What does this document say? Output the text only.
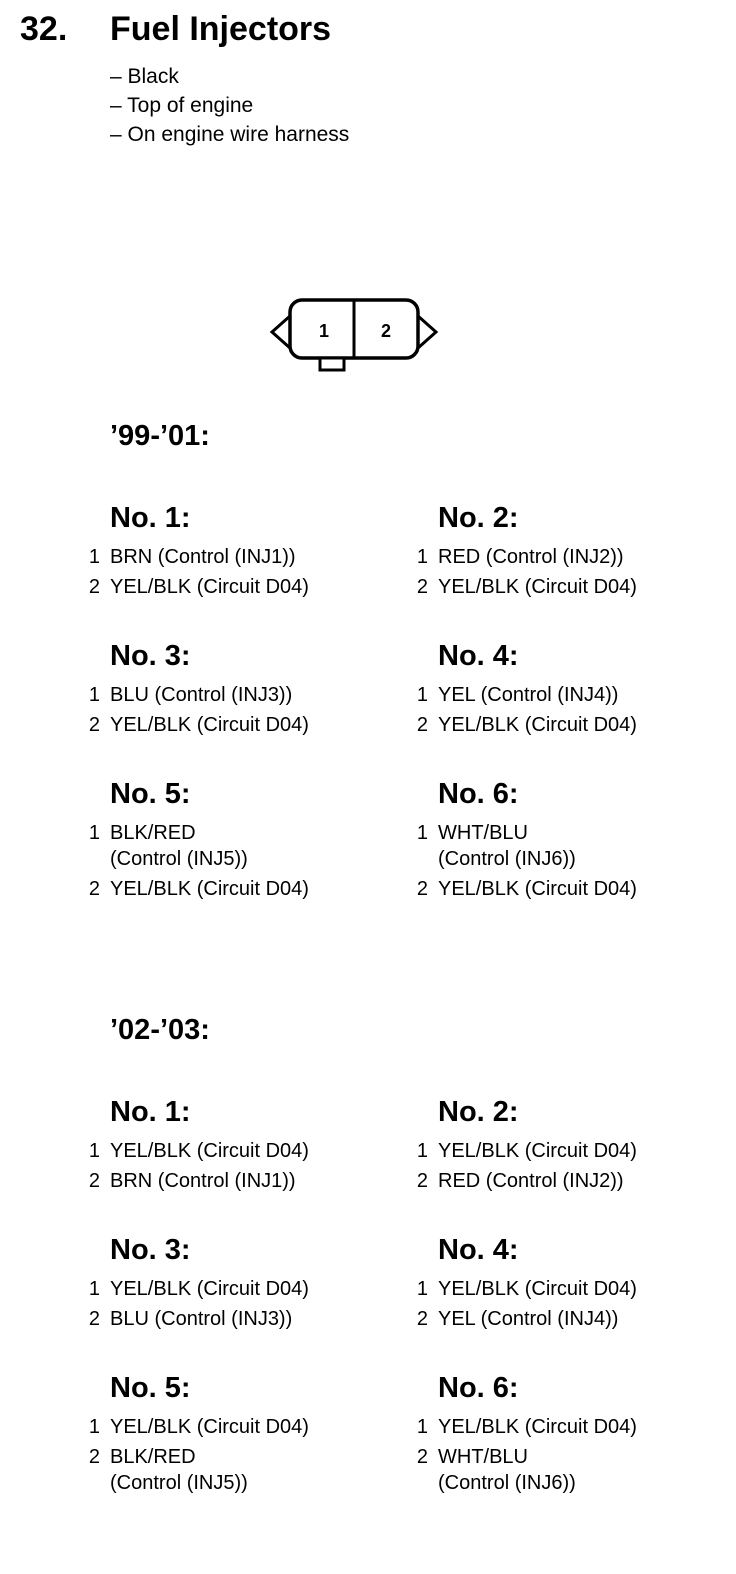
32. Fuel Injectors
– Black
– Top of engine
– On engine wire harness
1	2
’99-’01:
No. 1:
1 BRN (Control (INJ1))
2 YEL/BLK (Circuit D04)
No. 2:
1 RED (Control (INJ2))
2 YEL/BLK (Circuit D04)
No. 3:
1 BLU (Control (INJ3))
2 YEL/BLK (Circuit D04)
No. 4:
1 YEL (Control (INJ4))
2 YEL/BLK (Circuit D04)
No. 5:
1 BLK/RED
(Control (INJ5))
2 YEL/BLK (Circuit D04)
No. 6:
1 WHT/BLU
(Control (INJ6))
2 YEL/BLK (Circuit D04)
’02-’03:
No. 1:
1 YEL/BLK (Circuit D04)
2 BRN (Control (INJ1))
No. 2:
1 YEL/BLK (Circuit D04)
2 RED (Control (INJ2))
No. 3:
1 YEL/BLK (Circuit D04)
2 BLU (Control (INJ3))
No. 4:
1 YEL/BLK (Circuit D04)
2 YEL (Control (INJ4))
No. 5:
1 YEL/BLK (Circuit D04)
2 BLK/RED
(Control (INJ5))
No. 6:
1 YEL/BLK (Circuit D04)
2 WHT/BLU
(Control (INJ6))
